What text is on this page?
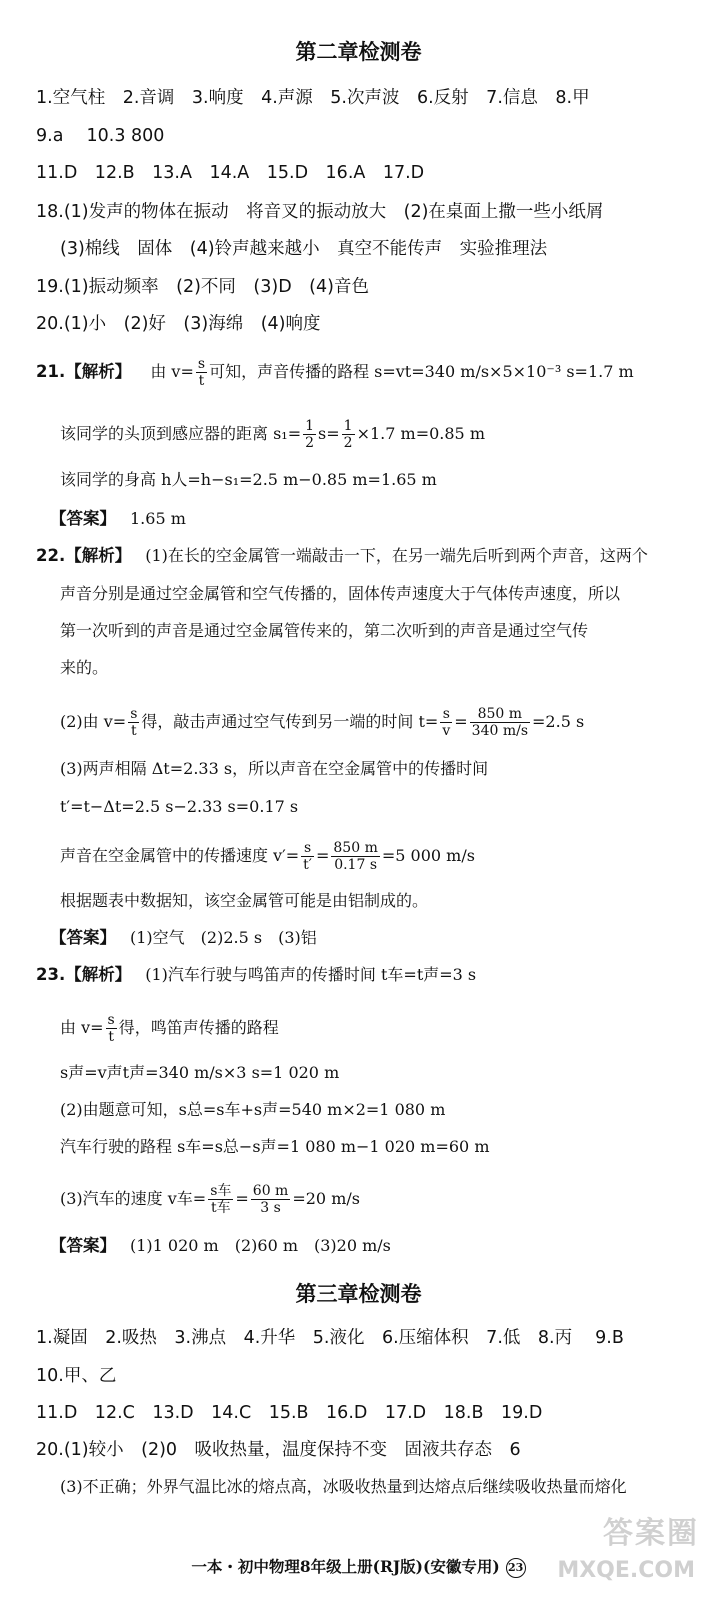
第二章检测卷
1.空气柱　2.音调　3.响度　4.声源　5.次声波　6.反射　7.信息　8.甲
9.a　 10.3 800
11.D　12.B　13.A　14.A　15.D　16.A　17.D
18.(1)发声的物体在振动　将音叉的振动放大　(2)在桌面上撒一些小纸屑
(3)棉线　固体　(4)铃声越来越小　真空不能传声　实验推理法
19.(1)振动频率　(2)不同　(3)D　(4)音色
20.(1)小　(2)好　(3)海绵　(4)响度
21.【解析】 由 $v= \frac{s}{t}$ 可知，声音传播的路程 s=vt=340 m/s×5×10⁻³ s=1.7 m
该同学的头顶到感应器的距离 $s_1= \frac{1}{2} s= \frac{1}{2} \times 1.7$ m=0.85 m
该同学的身高 h人=h−s₁=2.5 m−0.85 m=1.65 m
【答案】 1.65 m
22.【解析】 (1)在长的空金属管一端敲击一下，在另一端先后听到两个声音，这两个
声音分别是通过空金属管和空气传播的，固体传声速度大于气体传声速度，所以
第一次听到的声音是通过空金属管传来的，第二次听到的声音是通过空气传
来的。
(2)由 $v= \frac{s}{t}$ 得，敲击声通过空气传到另一端的时间 $t= \frac{s}{v} = \frac{850 m}{340 m/s} =2.5$ s
(3)两声相隔 Δt=2.33 s，所以声音在空金属管中的传播时间
t′=t−Δt=2.5 s−2.33 s=0.17 s
声音在空金属管中的传播速度 $v'= \frac{s}{t'} = \frac{850 m}{0.17 s} =5$ 000 m/s
根据题表中数据知，该空金属管可能是由铝制成的。
【答案】 (1)空气　(2)2.5 s　(3)铝
23.【解析】 (1)汽车行驶与鸣笛声的传播时间 t车=t声=3 s
由 $v= \frac{s}{t}$ 得，鸣笛声传播的路程
s声=v声t声=340 m/s×3 s=1 020 m
(2)由题意可知，s总=s车+s声=540 m×2=1 080 m
汽车行驶的路程 s车=s总−s声=1 080 m−1 020 m=60 m
(3)汽车的速度 v车= $\frac{\text{s车}}{\text{t车}} = \frac{60 m}{3 s} =20$ m/s
【答案】 (1)1 020 m　(2)60 m　(3)20 m/s
第三章检测卷
1.凝固　2.吸热　3.沸点　4.升华　5.液化　6.压缩体积　7.低　8.丙　 9.B
10.甲、乙
11.D　12.C　13.D　14.C　15.B　16.D　17.D　18.B　19.D
20.(1)较小　(2)0　吸收热量，温度保持不变　固液共存态　6
(3)不正确；外界气温比冰的熔点高，冰吸收热量到达熔点后继续吸收热量而熔化
答案圈
MXQE.COM
一本・初中物理8年级上册(RJ版)(安徽专用) 23
